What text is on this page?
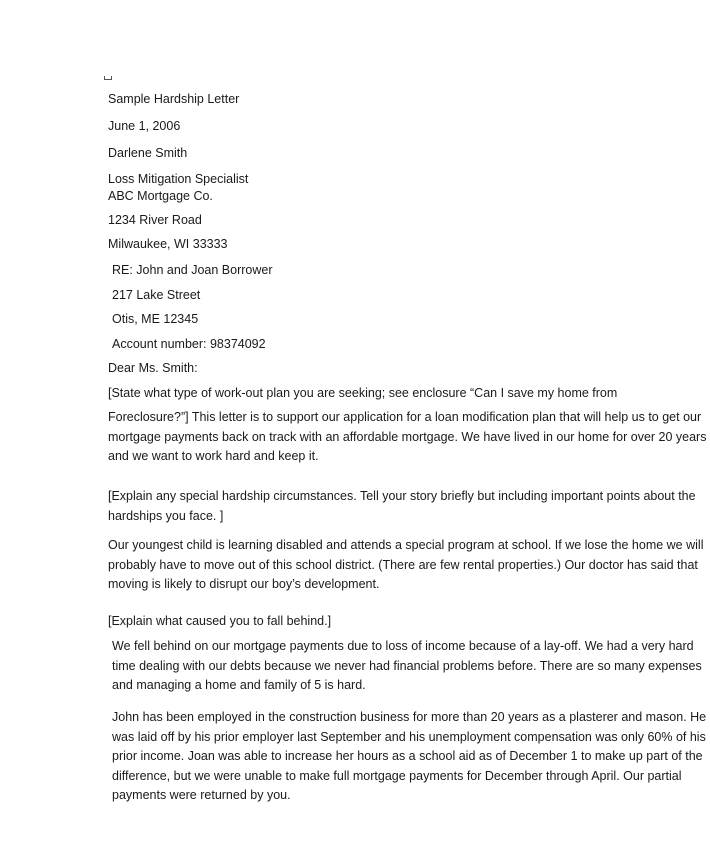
Sample Hardship Letter
June 1, 2006
Darlene Smith
Loss Mitigation Specialist
ABC Mortgage Co.
1234 River Road
Milwaukee, WI 33333
RE: John and Joan Borrower
217 Lake Street
Otis, ME 12345
Account number: 98374092
Dear Ms. Smith:
[State what type of work-out plan you are seeking; see enclosure “Can I save my home from
Foreclosure?”] This letter is to support our application for a loan modification plan that will help us to get our mortgage payments back on track with an affordable mortgage. We have lived in our home for over 20 years and we want to work hard and keep it.
[Explain any special hardship circumstances. Tell your story briefly but including important points about the hardships you face. ]
Our youngest child is learning disabled and attends a special program at school. If we lose the home we will probably have to move out of this school district. (There are few rental properties.) Our doctor has said that moving is likely to disrupt our boy’s development.
[Explain what caused you to fall behind.]
We fell behind on our mortgage payments due to loss of income because of a lay-off. We had a very hard time dealing with our debts because we never had financial problems before. There are so many expenses and managing a home and family of 5 is hard.
John has been employed in the construction business for more than 20 years as a plasterer and mason. He was laid off by his prior employer last September and his unemployment compensation was only 60% of his prior income. Joan was able to increase her hours as a school aid as of December 1 to make up part of the difference, but we were unable to make full mortgage payments for December through April. Our partial payments were returned by you.
